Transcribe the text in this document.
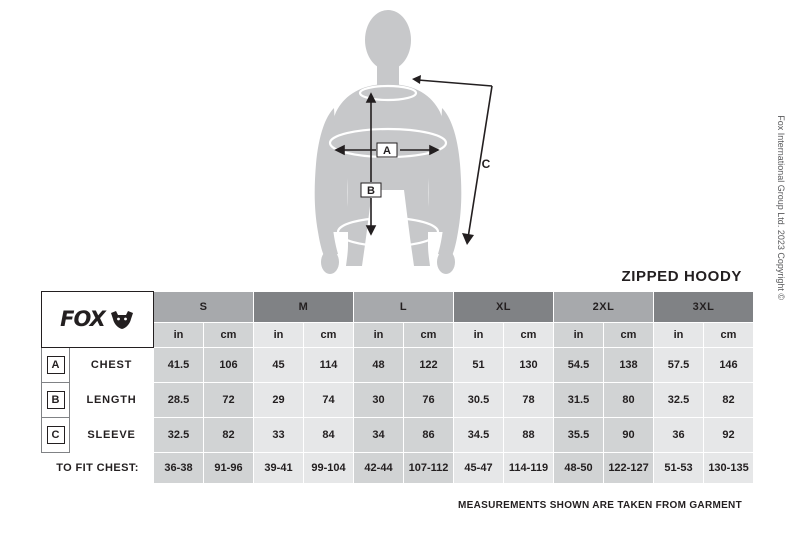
A
B
C
ZIPPED HOODY
FOX		S		M		L		XL		2XL		3XL	
		in	cm	in	cm	in	cm	in	cm	in	cm	in	cm

A	CHEST	41.5	106	45	114	48	122	51	130	54.5	138	57.5	146

B	LENGTH	28.5	72	29	74	30	76	30.5	78	31.5	80	32.5	82

C	SLEEVE	32.5	82	33	84	34	86	34.5	88	35.5	90	36	92
TO FIT CHEST:		36-38	91-96	39-41	99-104	42-44	107-112	45-47	114-119	48-50	122-127	51-53	130-135
MEASUREMENTS SHOWN ARE TAKEN FROM GARMENT
Fox International Group Ltd. 2023 Copyright ©
